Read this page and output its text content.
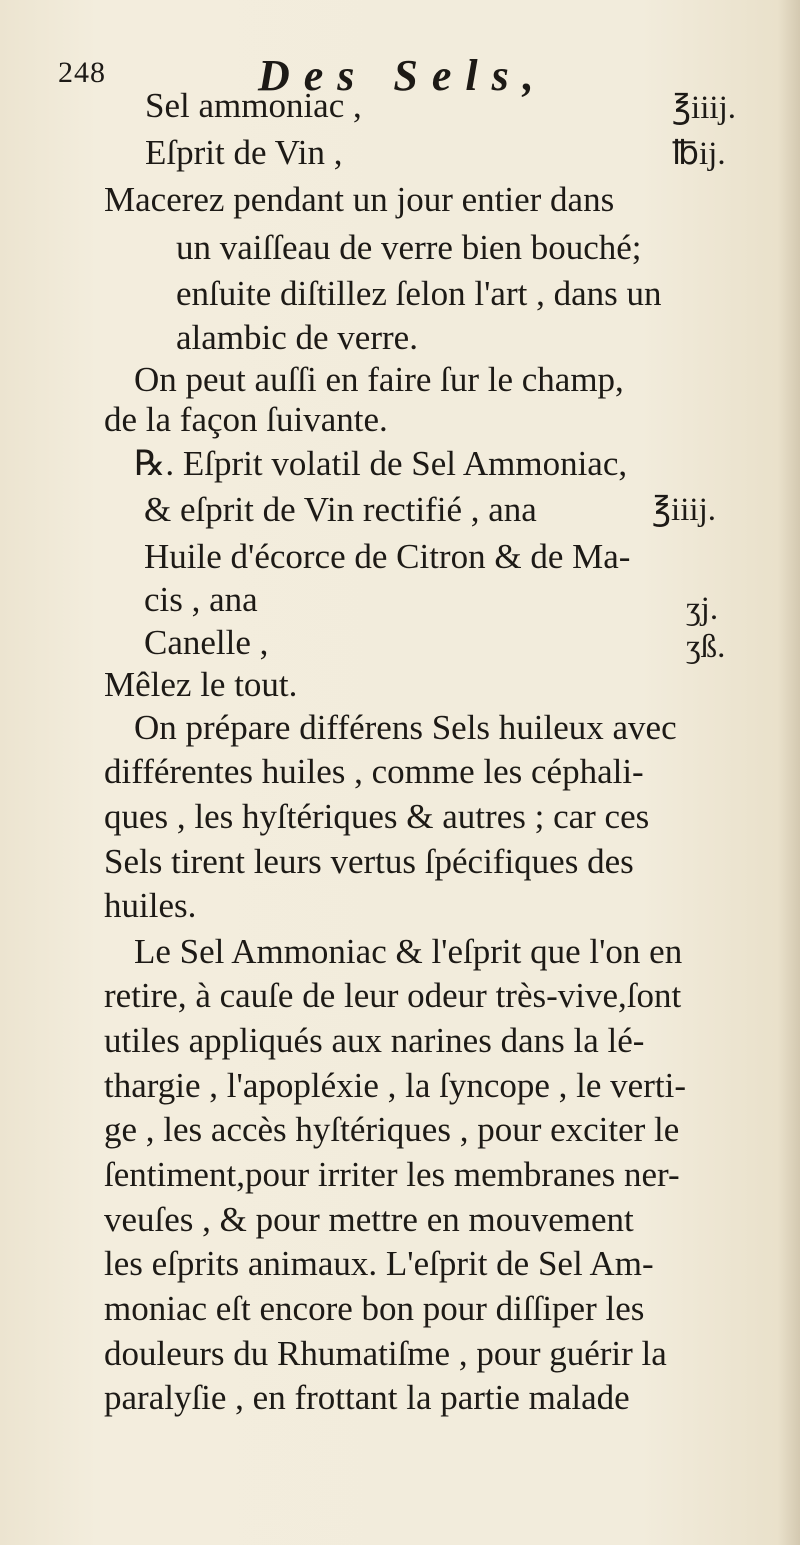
248	Des Sels,
Sel ammoniac ,	℥iiij.
Eſprit de Vin ,	℔ij.
Macerez pendant un jour entier dans
un vaiſſeau de verre bien bouché;
enſuite diſtillez ſelon l'art , dans un
alambic de verre.
On peut auſſi en faire ſur le champ,
de la façon ſuivante.
℞. Eſprit volatil de Sel Ammoniac,
& eſprit de Vin rectifié , ana	℥iiij.
Huile d'écorce de Citron & de Ma-
cis , ana	ʒj.
Canelle ,	ʒß.
Mêlez le tout.
On prépare différens Sels huileux avec
différentes huiles , comme les céphali-
ques , les hyſtériques & autres ; car ces
Sels tirent leurs vertus ſpécifiques des
huiles.
Le Sel Ammoniac & l'eſprit que l'on en
retire, à cauſe de leur odeur très-vive,ſont
utiles appliqués aux narines dans la lé-
thargie , l'apopléxie , la ſyncope , le verti-
ge , les accès hyſtériques , pour exciter le
ſentiment,pour irriter les membranes ner-
veuſes , & pour mettre en mouvement
les eſprits animaux. L'eſprit de Sel Am-
moniac eſt encore bon pour diſſiper les
douleurs du Rhumatiſme , pour guérir la
paralyſie , en frottant la partie malade
